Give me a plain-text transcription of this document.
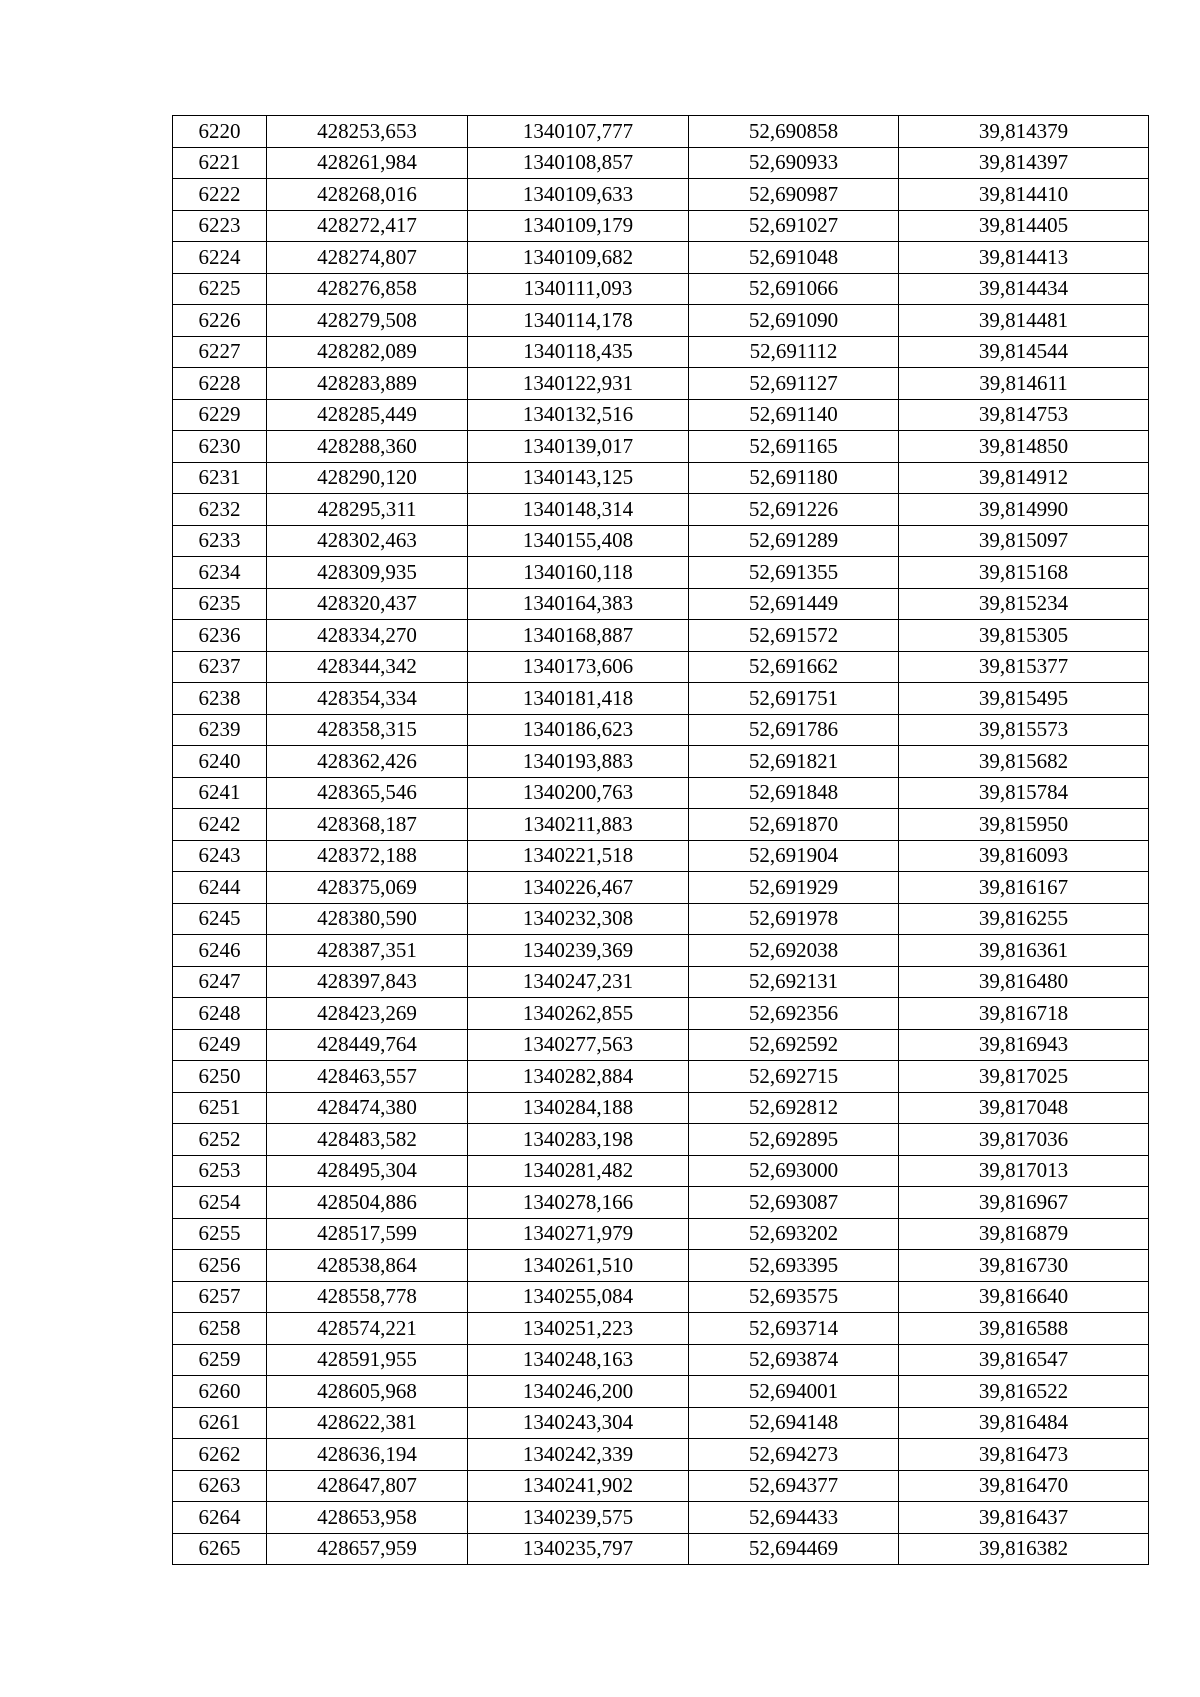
6220	428253,653	1340107,777	52,690858	39,814379
6221	428261,984	1340108,857	52,690933	39,814397
6222	428268,016	1340109,633	52,690987	39,814410
6223	428272,417	1340109,179	52,691027	39,814405
6224	428274,807	1340109,682	52,691048	39,814413
6225	428276,858	1340111,093	52,691066	39,814434
6226	428279,508	1340114,178	52,691090	39,814481
6227	428282,089	1340118,435	52,691112	39,814544
6228	428283,889	1340122,931	52,691127	39,814611
6229	428285,449	1340132,516	52,691140	39,814753
6230	428288,360	1340139,017	52,691165	39,814850
6231	428290,120	1340143,125	52,691180	39,814912
6232	428295,311	1340148,314	52,691226	39,814990
6233	428302,463	1340155,408	52,691289	39,815097
6234	428309,935	1340160,118	52,691355	39,815168
6235	428320,437	1340164,383	52,691449	39,815234
6236	428334,270	1340168,887	52,691572	39,815305
6237	428344,342	1340173,606	52,691662	39,815377
6238	428354,334	1340181,418	52,691751	39,815495
6239	428358,315	1340186,623	52,691786	39,815573
6240	428362,426	1340193,883	52,691821	39,815682
6241	428365,546	1340200,763	52,691848	39,815784
6242	428368,187	1340211,883	52,691870	39,815950
6243	428372,188	1340221,518	52,691904	39,816093
6244	428375,069	1340226,467	52,691929	39,816167
6245	428380,590	1340232,308	52,691978	39,816255
6246	428387,351	1340239,369	52,692038	39,816361
6247	428397,843	1340247,231	52,692131	39,816480
6248	428423,269	1340262,855	52,692356	39,816718
6249	428449,764	1340277,563	52,692592	39,816943
6250	428463,557	1340282,884	52,692715	39,817025
6251	428474,380	1340284,188	52,692812	39,817048
6252	428483,582	1340283,198	52,692895	39,817036
6253	428495,304	1340281,482	52,693000	39,817013
6254	428504,886	1340278,166	52,693087	39,816967
6255	428517,599	1340271,979	52,693202	39,816879
6256	428538,864	1340261,510	52,693395	39,816730
6257	428558,778	1340255,084	52,693575	39,816640
6258	428574,221	1340251,223	52,693714	39,816588
6259	428591,955	1340248,163	52,693874	39,816547
6260	428605,968	1340246,200	52,694001	39,816522
6261	428622,381	1340243,304	52,694148	39,816484
6262	428636,194	1340242,339	52,694273	39,816473
6263	428647,807	1340241,902	52,694377	39,816470
6264	428653,958	1340239,575	52,694433	39,816437
6265	428657,959	1340235,797	52,694469	39,816382
